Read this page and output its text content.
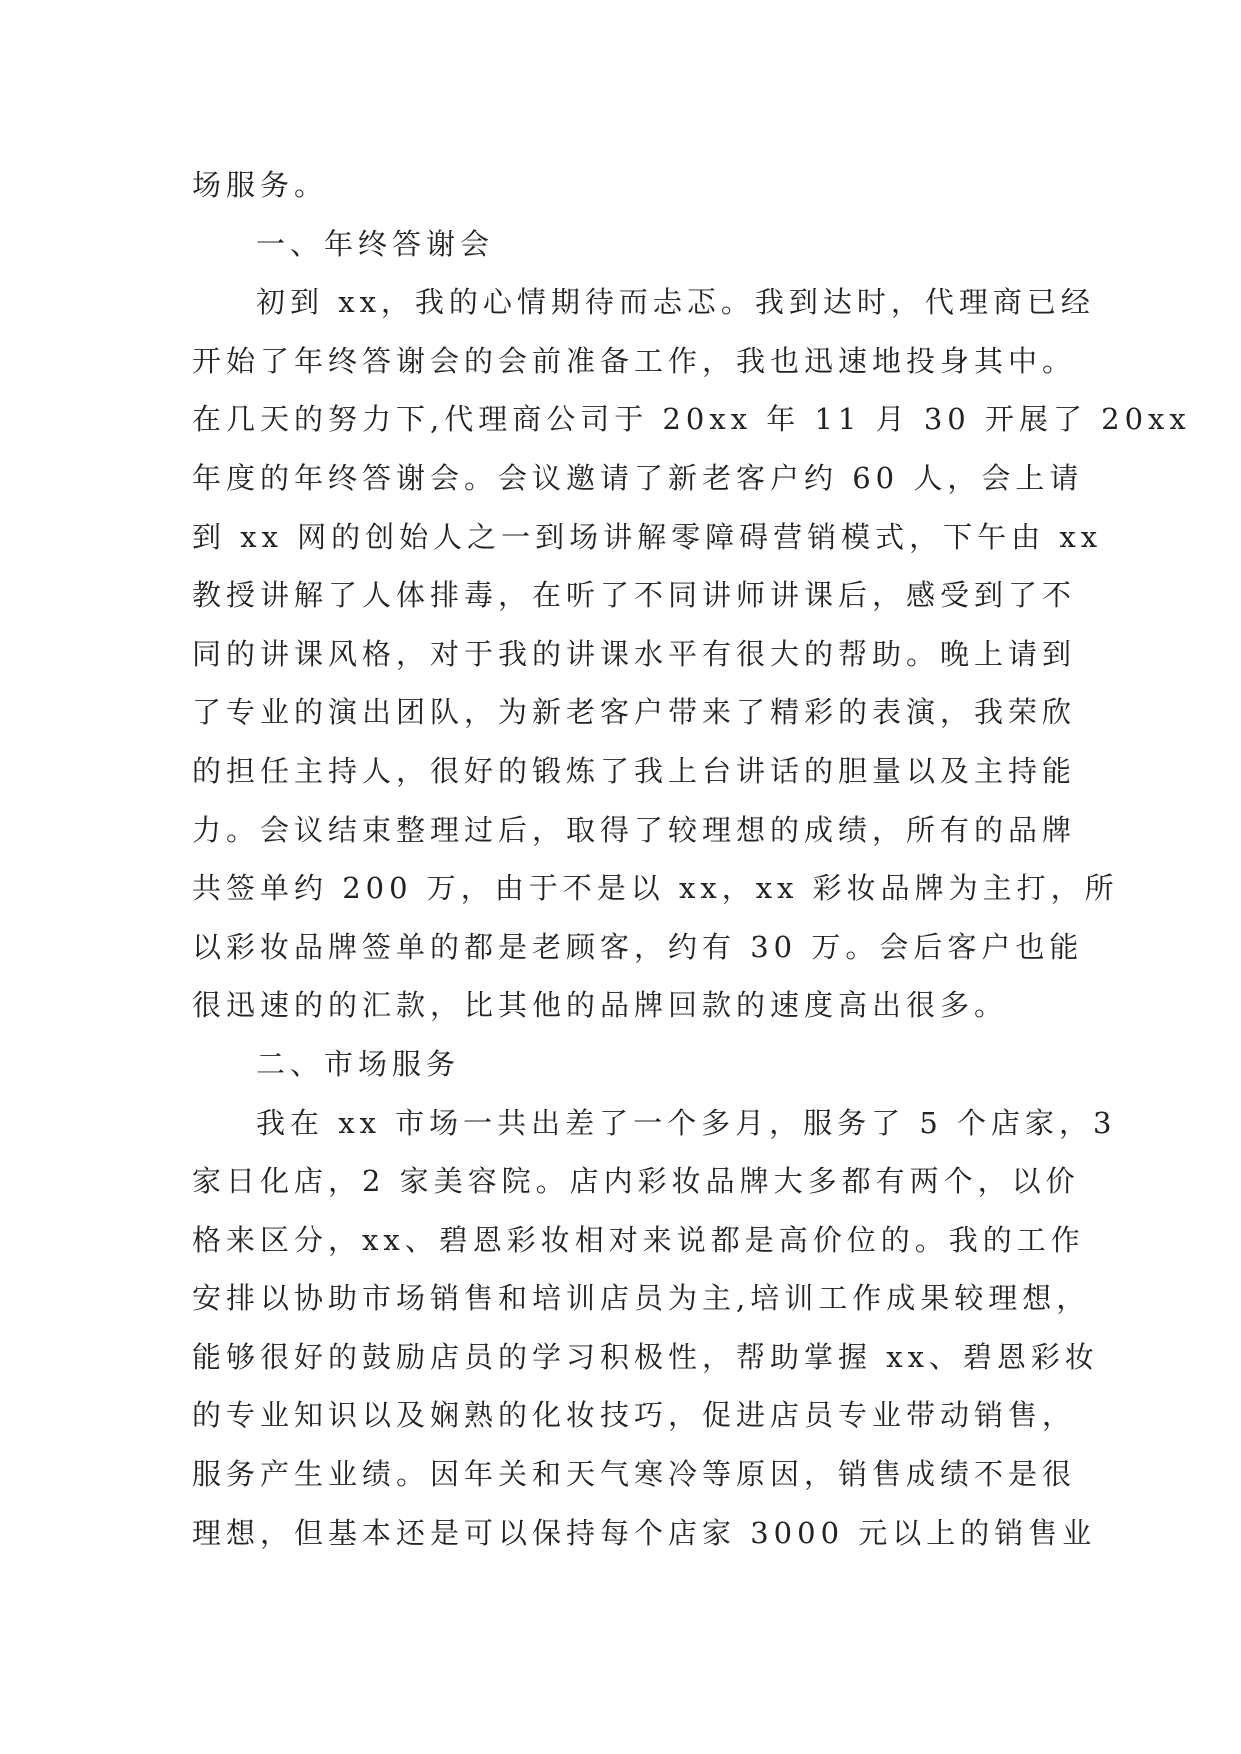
场服务。
一、年终答谢会
初到 xx，我的心情期待而忐忑。我到达时，代理商已经
开始了年终答谢会的会前准备工作，我也迅速地投身其中。
在几天的努力下,代理商公司于 20xx 年 11 月 30 开展了 20xx
年度的年终答谢会。会议邀请了新老客户约 60 人，会上请
到 xx 网的创始人之一到场讲解零障碍营销模式，下午由 xx
教授讲解了人体排毒，在听了不同讲师讲课后，感受到了不
同的讲课风格，对于我的讲课水平有很大的帮助。晚上请到
了专业的演出团队，为新老客户带来了精彩的表演，我荣欣
的担任主持人，很好的锻炼了我上台讲话的胆量以及主持能
力。会议结束整理过后，取得了较理想的成绩，所有的品牌
共签单约 200 万，由于不是以 xx，xx 彩妆品牌为主打，所
以彩妆品牌签单的都是老顾客，约有 30 万。会后客户也能
很迅速的的汇款，比其他的品牌回款的速度高出很多。
二、市场服务
我在 xx 市场一共出差了一个多月，服务了 5 个店家，3
家日化店，2 家美容院。店内彩妆品牌大多都有两个，以价
格来区分，xx、碧恩彩妆相对来说都是高价位的。我的工作
安排以协助市场销售和培训店员为主,培训工作成果较理想，
能够很好的鼓励店员的学习积极性，帮助掌握 xx、碧恩彩妆
的专业知识以及娴熟的化妆技巧，促进店员专业带动销售，
服务产生业绩。因年关和天气寒冷等原因，销售成绩不是很
理想，但基本还是可以保持每个店家 3000 元以上的销售业
